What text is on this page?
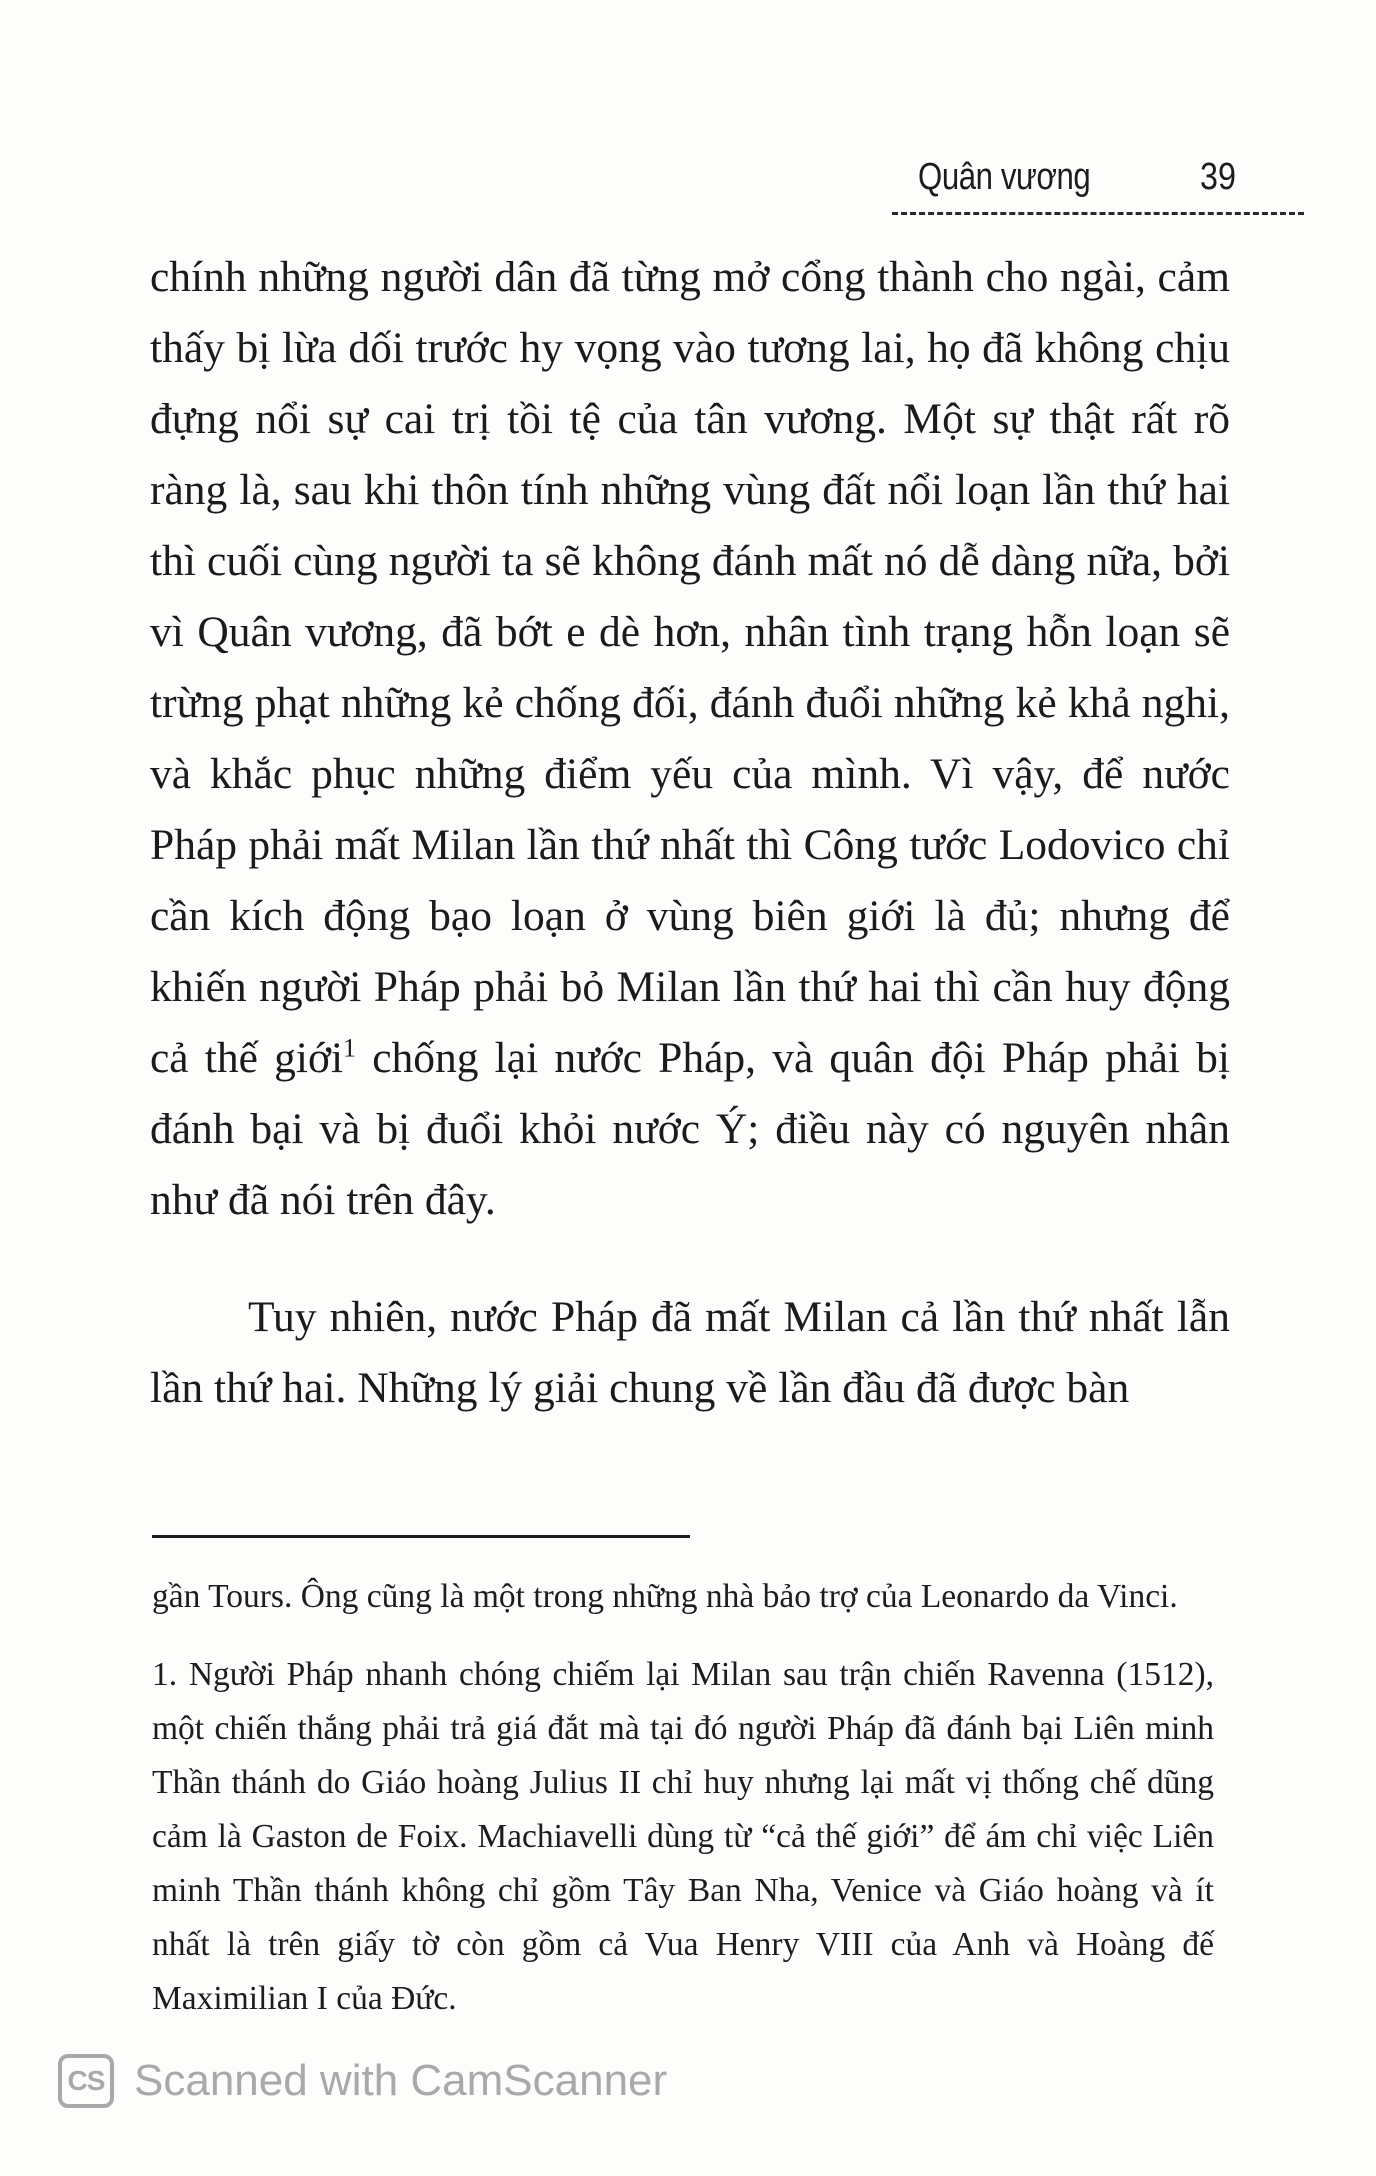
Quân vương	39

chính những người dân đã từng mở cổng thành cho ngài, cảm thấy bị lừa dối trước hy vọng vào tương lai, họ đã không chịu đựng nổi sự cai trị tồi tệ của tân vương. Một sự thật rất rõ ràng là, sau khi thôn tính những vùng đất nổi loạn lần thứ hai thì cuối cùng người ta sẽ không đánh mất nó dễ dàng nữa, bởi vì Quân vương, đã bớt e dè hơn, nhân tình trạng hỗn loạn sẽ trừng phạt những kẻ chống đối, đánh đuổi những kẻ khả nghi, và khắc phục những điểm yếu của mình. Vì vậy, để nước Pháp phải mất Milan lần thứ nhất thì Công tước Lodovico chỉ cần kích động bạo loạn ở vùng biên giới là đủ; nhưng để khiến người Pháp phải bỏ Milan lần thứ hai thì cần huy động cả thế giới$^1$ chống lại nước Pháp, và quân đội Pháp phải bị đánh bại và bị đuổi khỏi nước Ý; điều này có nguyên nhân như đã nói trên đây.

Tuy nhiên, nước Pháp đã mất Milan cả lần thứ nhất lẫn lần thứ hai. Những lý giải chung về lần đầu đã được bàn

gần Tours. Ông cũng là một trong những nhà bảo trợ của Leonardo da Vinci.

1. Người Pháp nhanh chóng chiếm lại Milan sau trận chiến Ravenna (1512), một chiến thắng phải trả giá đắt mà tại đó người Pháp đã đánh bại Liên minh Thần thánh do Giáo hoàng Julius II chỉ huy nhưng lại mất vị thống chế dũng cảm là Gaston de Foix. Machiavelli dùng từ “cả thế giới” để ám chỉ việc Liên minh Thần thánh không chỉ gồm Tây Ban Nha, Venice và Giáo hoàng và ít nhất là trên giấy tờ còn gồm cả Vua Henry VIII của Anh và Hoàng đế Maximilian I của Đức.

CS Scanned with CamScanner
